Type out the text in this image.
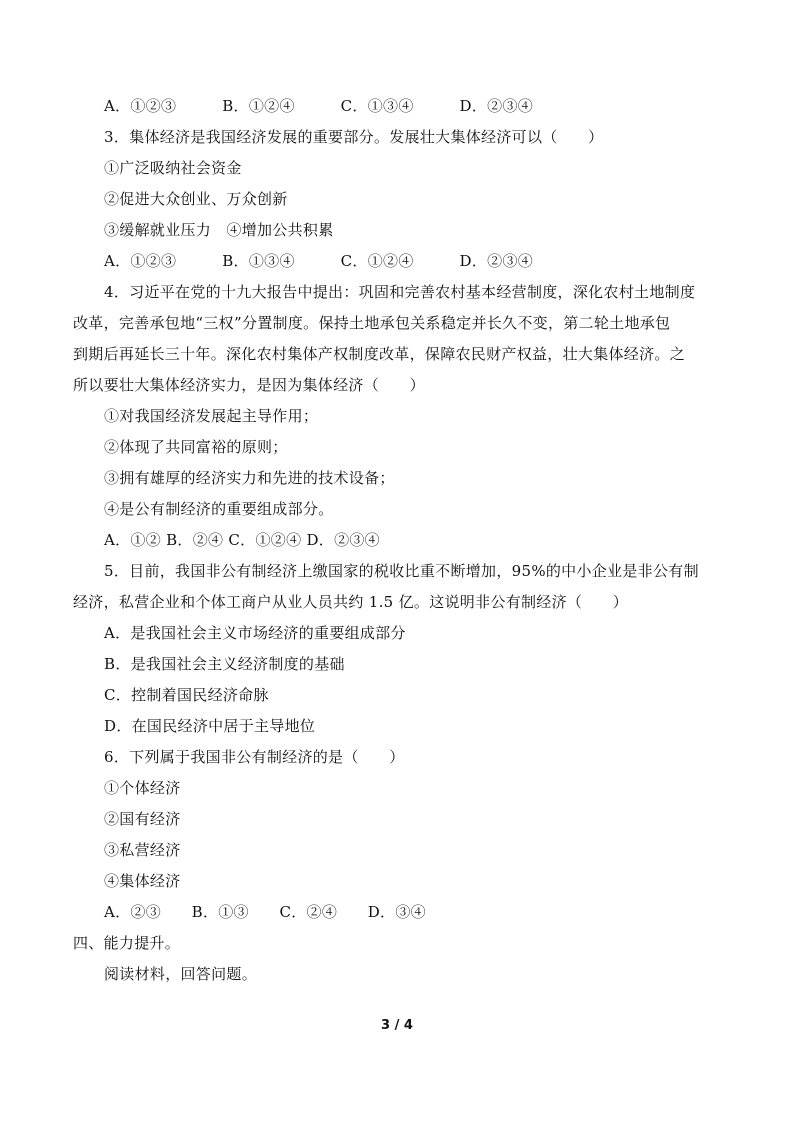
A．①②③　　　B．①②④　　　C．①③④　　　D．②③④
3．集体经济是我国经济发展的重要部分。发展壮大集体经济可以（　　）
①广泛吸纳社会资金
②促进大众创业、万众创新
③缓解就业压力　④增加公共积累
A．①②③　　　B．①③④　　　C．①②④　　　D．②③④
4．习近平在党的十九大报告中提出：巩固和完善农村基本经营制度，深化农村土地制度
改革，完善承包地“三权”分置制度。保持土地承包关系稳定并长久不变，第二轮土地承包
到期后再延长三十年。深化农村集体产权制度改革，保障农民财产权益，壮大集体经济。之
所以要壮大集体经济实力，是因为集体经济（　　）
①对我国经济发展起主导作用；
②体现了共同富裕的原则；
③拥有雄厚的经济实力和先进的技术设备；
④是公有制经济的重要组成部分。
A．①② B．②④ C．①②④ D．②③④
5．目前，我国非公有制经济上缴国家的税收比重不断增加，95%的中小企业是非公有制
经济，私营企业和个体工商户从业人员共约 1.5 亿。这说明非公有制经济（　　）
A．是我国社会主义市场经济的重要组成部分
B．是我国社会主义经济制度的基础
C．控制着国民经济命脉
D．在国民经济中居于主导地位
6．下列属于我国非公有制经济的是（　　）
①个体经济
②国有经济
③私营经济
④集体经济
A．②③　　B．①③　　C．②④　　D．③④
四、能力提升。
阅读材料，回答问题。
3 / 4
